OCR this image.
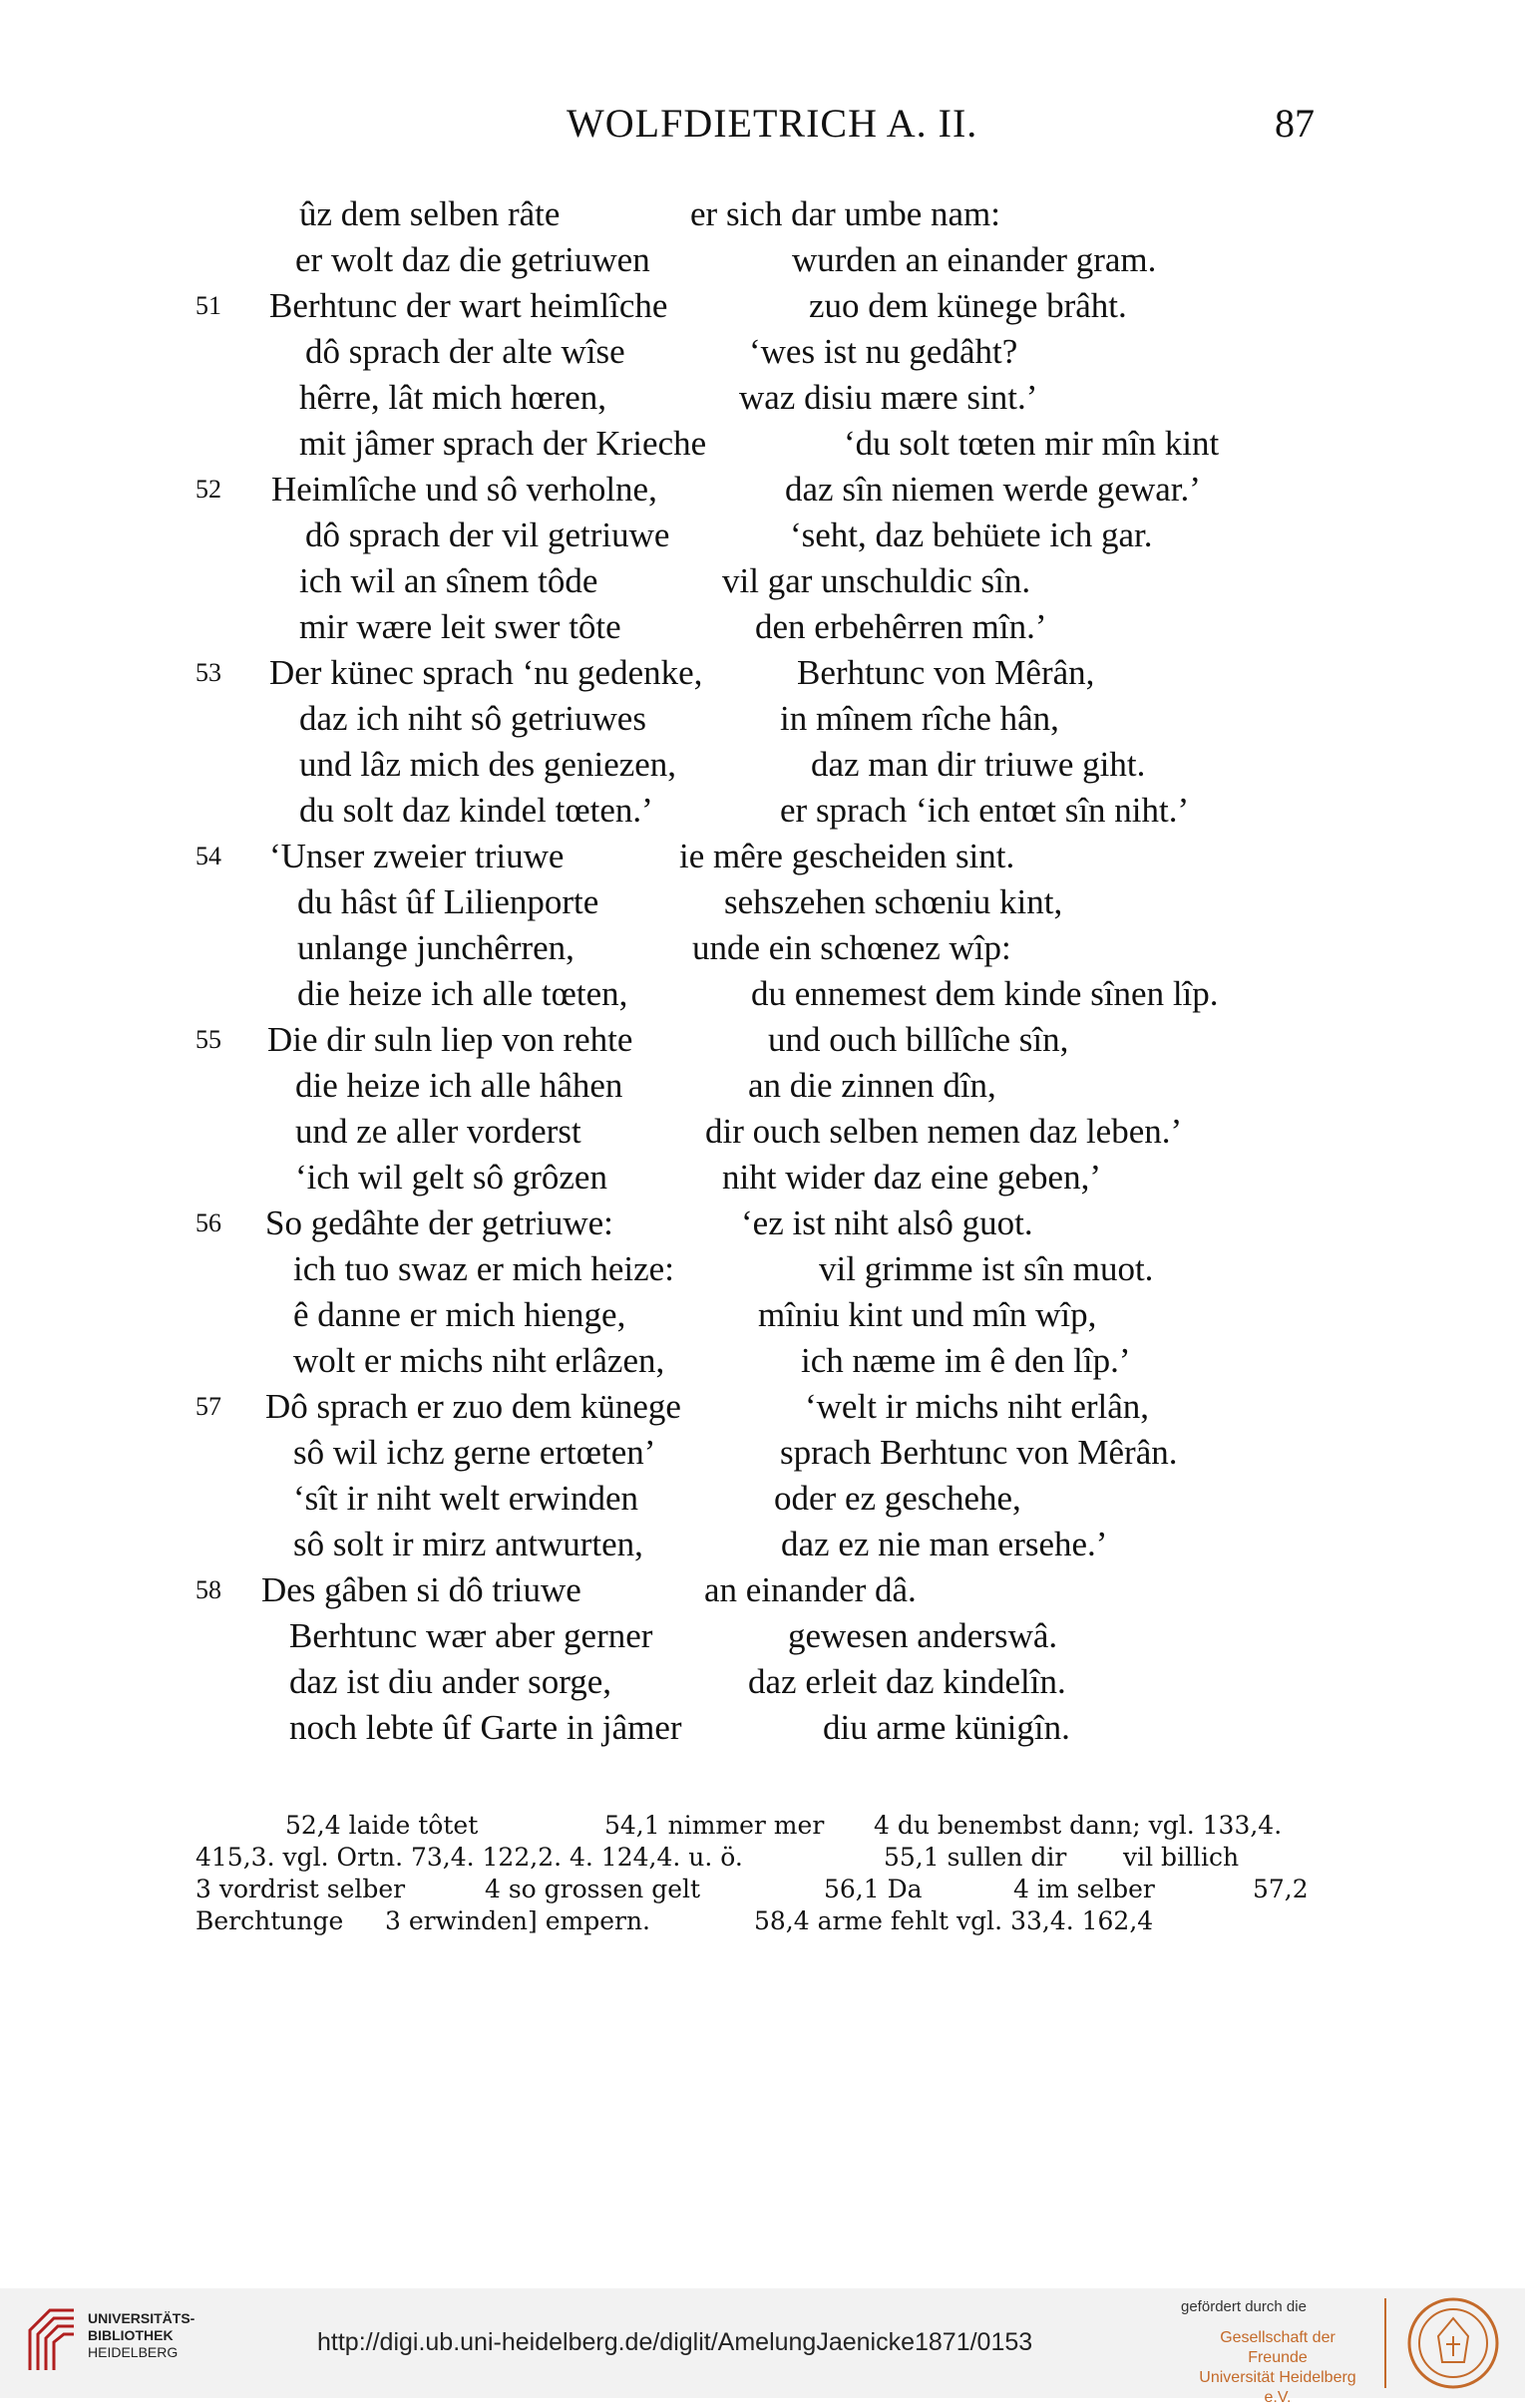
WOLFDIETRICH A. II.	87
ûz dem selben râte	er sich dar umbe nam:
er wolt daz die getriuwen	wurden an einander gram.
51 Berhtunc der wart heimlîche	zuo dem künege brâht.
dô sprach der alte wîse	‘wes ist nu gedâht?
hêrre, lât mich hœren,	waz disiu mære sint.’
mit jâmer sprach der Krieche	‘du solt tœten mir mîn kint
52 Heimlîche und sô verholne,	daz sîn niemen werde gewar.’
dô sprach der vil getriuwe	‘seht, daz behüete ich gar.
ich wil an sînem tôde	vil gar unschuldic sîn.
mir wære leit swer tôte	den erbehêrren mîn.’
53 Der künec sprach ‘nu gedenke,	Berhtunc von Mêrân,
daz ich niht sô getriuwes	in mînem rîche hân,
und lâz mich des geniezen,	daz man dir triuwe giht.
du solt daz kindel tœten.’	er sprach ‘ich entœt sîn niht.’
54 ‘Unser zweier triuwe	ie mêre gescheiden sint.
du hâst ûf Lilienporte	sehszehen schœniu kint,
unlange junchêrren,	unde ein schœnez wîp:
die heize ich alle tœten,	du ennemest dem kinde sînen lîp.
55 Die dir suln liep von rehte	und ouch billîche sîn,
die heize ich alle hâhen	an die zinnen dîn,
und ze aller vorderst	dir ouch selben nemen daz leben.’
‘ich wil gelt sô grôzen	niht wider daz eine geben,’
56 So gedâhte der getriuwe:	‘ez ist niht alsô guot.
ich tuo swaz er mich heize:	vil grimme ist sîn muot.
ê danne er mich hienge,	mîniu kint und mîn wîp,
wolt er michs niht erlâzen,	ich næme im ê den lîp.’
57 Dô sprach er zuo dem künege	‘welt ir michs niht erlân,
sô wil ichz gerne ertœten’	sprach Berhtunc von Mêrân.
‘sît ir niht welt erwinden	oder ez geschehe,
sô solt ir mirz antwurten,	daz ez nie man ersehe.’
58 Des gâben si dô triuwe	an einander dâ.
Berhtunc wær aber gerner	gewesen anderswâ.
daz ist diu ander sorge,	daz erleit daz kindelîn.
noch lebte ûf Garte in jâmer	diu arme künigîn.
52,4 laide tôtet	54,1 nimmer mer 4 du benembst dann; vgl. 133,4.
415,3. vgl. Ortn. 73,4. 122,2. 4. 124,4. u. ö.	55,1 sullen dir vil billich
3 vordrist selber	4 so grossen gelt	56,1 Da	4 im selber	57,2
Berchtunge 3 erwinden] empern.	58,4 arme fehlt vgl. 33,4. 162,4
UNIVERSITÄTS-
BIBLIOTHEK
HEIDELBERG	http://digi.ub.uni-heidelberg.de/diglit/AmelungJaenicke1871/0153
gefördert durch die
Gesellschaft der Freunde
Universität Heidelberg e.V.
